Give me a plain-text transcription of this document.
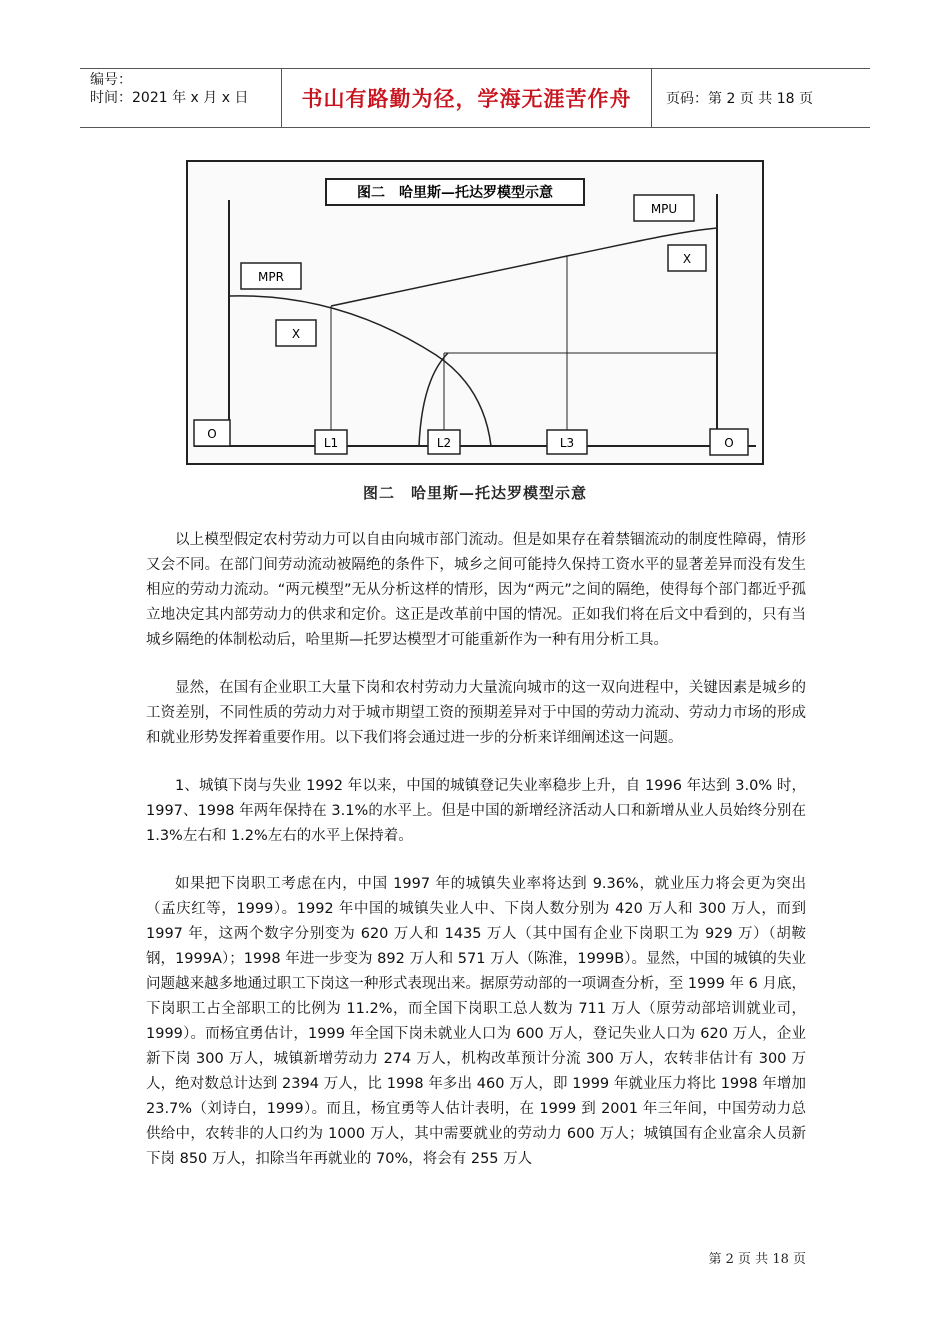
编号：
时间：2021 年 x 月 x 日	书山有路勤为径，学海无涯苦作舟	页码：第 2 页 共 18 页
图二　哈里斯—托达罗模型示意
MPU
MPR
X
X
O
O
L1	L2	L3
图二　哈里斯—托达罗模型示意

以上模型假定农村劳动力可以自由向城市部门流动。但是如果存在着禁锢流动的制度性障碍，情形又会不同。在部门间劳动流动被隔绝的条件下，城乡之间可能持久保持工资水平的显著差异而没有发生相应的劳动力流动。“两元模型”无从分析这样的情形，因为“两元”之间的隔绝，使得每个部门都近乎孤立地决定其内部劳动力的供求和定价。这正是改革前中国的情况。正如我们将在后文中看到的，只有当城乡隔绝的体制松动后，哈里斯—托罗达模型才可能重新作为一种有用分析工具。

显然，在国有企业职工大量下岗和农村劳动力大量流向城市的这一双向进程中，关键因素是城乡的工资差别，不同性质的劳动力对于城市期望工资的预期差异对于中国的劳动力流动、劳动力市场的形成和就业形势发挥着重要作用。以下我们将会通过进一步的分析来详细阐述这一问题。

1、城镇下岗与失业 1992 年以来，中国的城镇登记失业率稳步上升，自 1996 年达到 3.0% 时，1997、1998 年两年保持在 3.1%的水平上。但是中国的新增经济活动人口和新增从业人员始终分别在 1.3%左右和 1.2%左右的水平上保持着。

如果把下岗职工考虑在内，中国 1997 年的城镇失业率将达到 9.36%，就业压力将会更为突出（孟庆红等，1999）。1992 年中国的城镇失业人中、下岗人数分别为 420 万人和 300 万人，而到 1997 年，这两个数字分别变为 620 万人和 1435 万人（其中国有企业下岗职工为 929 万）（胡鞍钢，1999A）；1998 年进一步变为 892 万人和 571 万人（陈淮，1999B）。显然，中国的城镇的失业问题越来越多地通过职工下岗这一种形式表现出来。据原劳动部的一项调查分析，至 1999 年 6 月底，下岗职工占全部职工的比例为 11.2%，而全国下岗职工总人数为 711 万人（原劳动部培训就业司，1999）。而杨宜勇估计，1999 年全国下岗未就业人口为 600 万人，登记失业人口为 620 万人，企业新下岗 300 万人，城镇新增劳动力 274 万人，机构改革预计分流 300 万人，农转非估计有 300 万人，绝对数总计达到 2394 万人，比 1998 年多出 460 万人，即 1999 年就业压力将比 1998 年增加 23.7%（刘诗白，1999）。而且，杨宜勇等人估计表明，在 1999 到 2001 年三年间，中国劳动力总供给中，农转非的人口约为 1000 万人，其中需要就业的劳动力 600 万人；城镇国有企业富余人员新下岗 850 万人，扣除当年再就业的 70%，将会有 255 万人

第 2 页 共 18 页
